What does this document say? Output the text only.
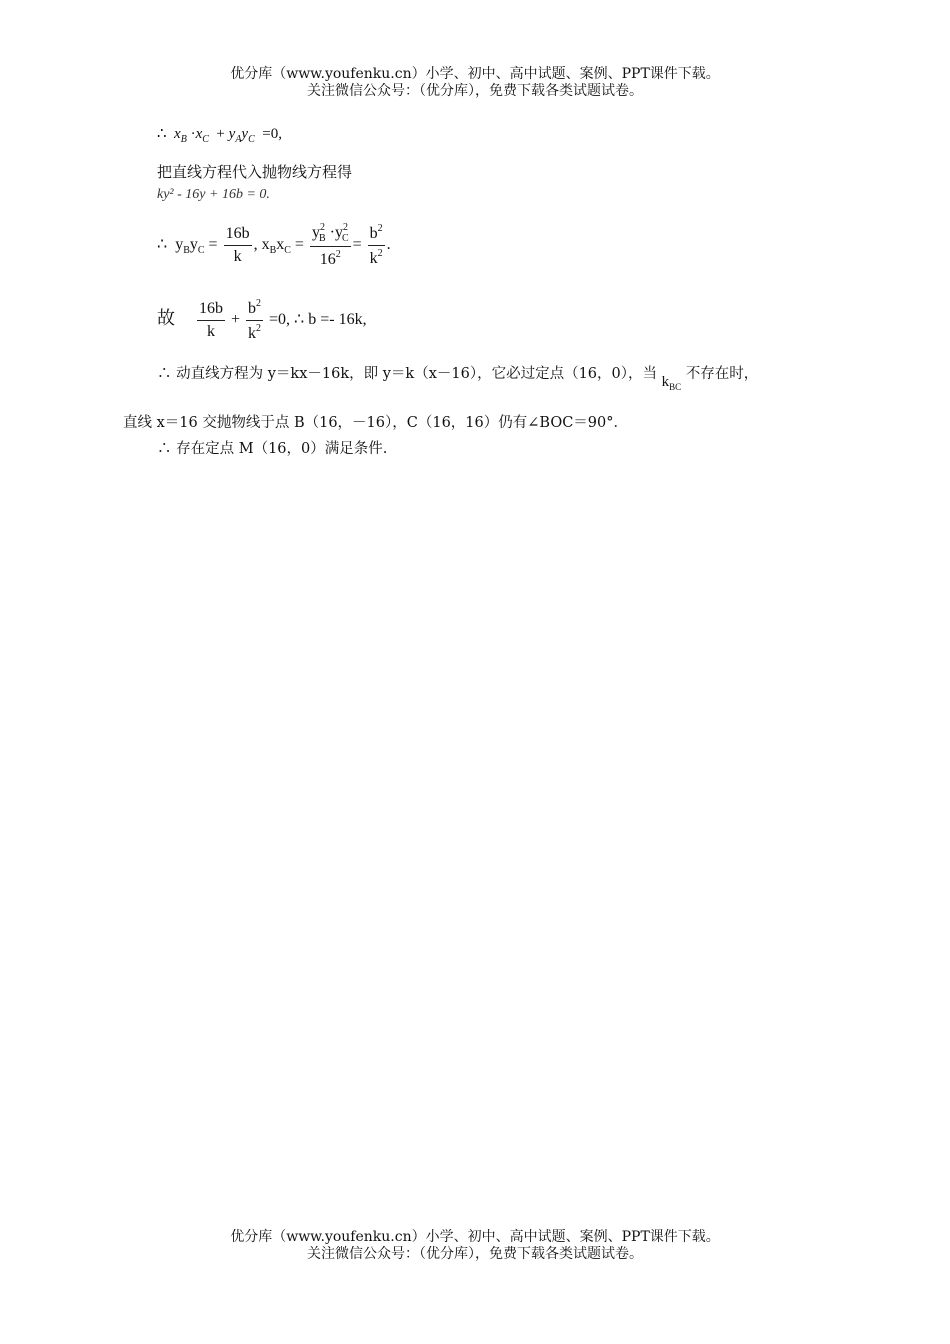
优分库（www.youfenku.cn）小学、初中、高中试题、案例、PPT课件下载。
关注微信公众号：（优分库），免费下载各类试题试卷。
∴ $x_B \cdot x_C + y_Ay_C =0$,
把直线方程代入抛物线方程得
ky² - 16y + 16b = 0.
∴  $y_By_C = \frac{16b}{k}$ , $x_Bx_C = \frac{y^2_B \cdot y^2_C}{16^2} = \frac{b^2}{k^2}$ .
故 $\frac{16b}{k} + \frac{b^2}{k^2} =0$, ∴ b =- 16k,
∴ 动直线方程为 y＝kx－16k，即 y＝k（x－16），它必过定点（16，0），当 $k_{BC}$ 不存在时，
直线 x＝16 交抛物线于点 B（16，－16），C（16，16）仍有∠BOC＝90°．
∴ 存在定点 M（16，0）满足条件.
优分库（www.youfenku.cn）小学、初中、高中试题、案例、PPT课件下载。
关注微信公众号：（优分库），免费下载各类试题试卷。
